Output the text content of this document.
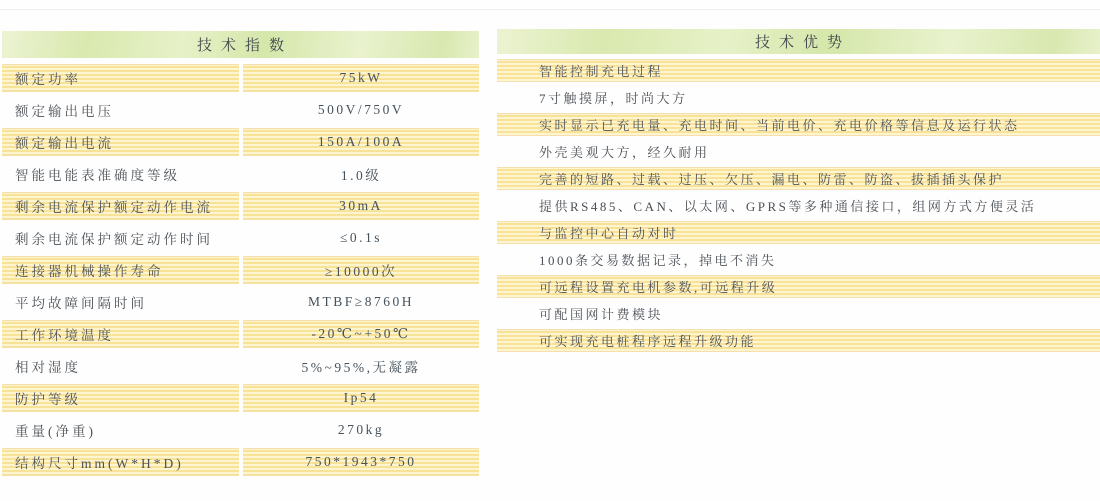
技术指数
额定功率	75kW
额定输出电压	500V/750V
额定输出电流	150A/100A
智能电能表准确度等级	1.0级
剩余电流保护额定动作电流	30mA
剩余电流保护额定动作时间	≤0.1s
连接器机械操作寿命	≥10000次
平均故障间隔时间	MTBF≥8760H
工作环境温度	-20℃~+50℃
相对湿度	5%~95%,无凝露
防护等级	Ip54
重量(净重)	270kg
结构尺寸mm(W*H*D)	750*1943*750
技术优势
智能控制充电过程
7寸触摸屏，时尚大方
实时显示已充电量、充电时间、当前电价、充电价格等信息及运行状态
外壳美观大方，经久耐用
完善的短路、过载、过压、欠压、漏电、防雷、防盗、拔插插头保护
提供RS485、CAN、以太网、GPRS等多种通信接口，组网方式方便灵活
与监控中心自动对时
1000条交易数据记录，掉电不消失
可远程设置充电机参数,可远程升级
可配国网计费模块
可实现充电桩程序远程升级功能
